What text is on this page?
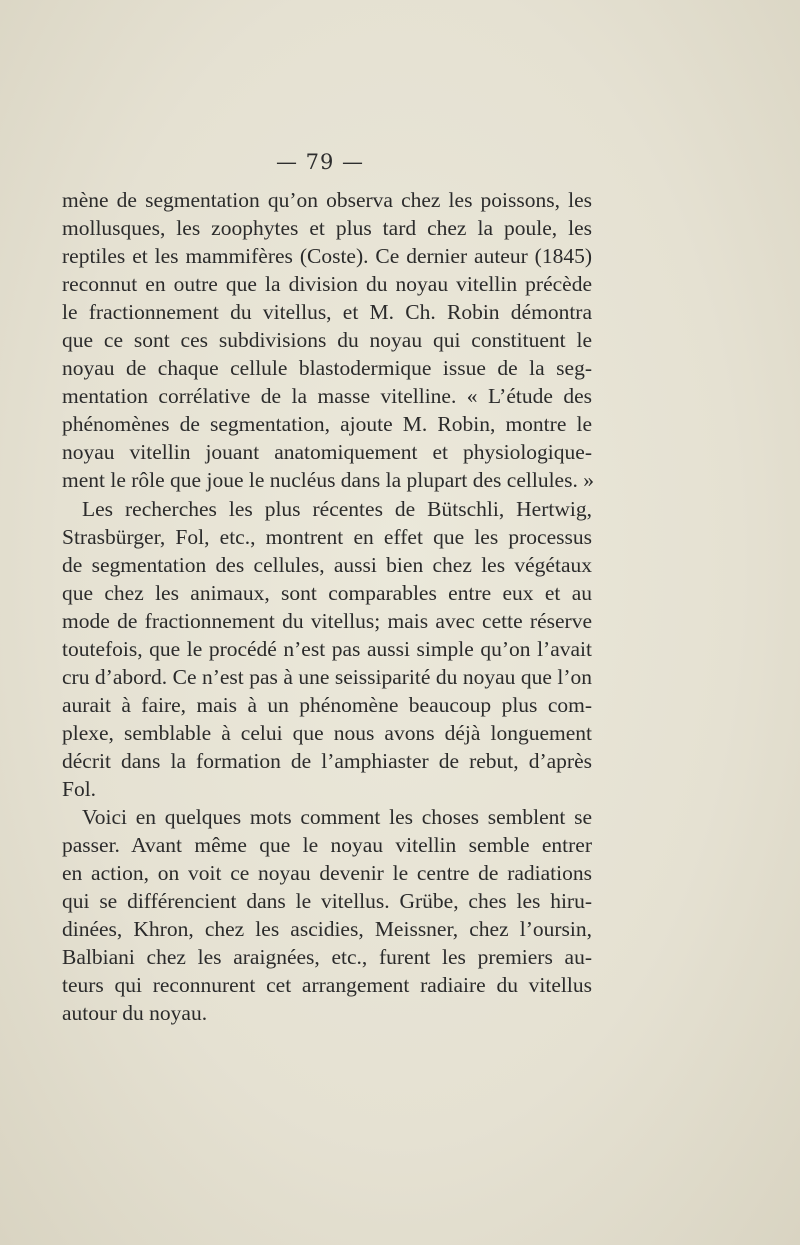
— 79 —

mène de segmentation qu’on observa chez les poissons, les
mollusques, les zoophytes et plus tard chez la poule, les
reptiles et les mammifères (Coste). Ce dernier auteur (1845)
reconnut en outre que la division du noyau vitellin précède
le fractionnement du vitellus, et M. Ch. Robin démontra
que ce sont ces subdivisions du noyau qui constituent le
noyau de chaque cellule blastodermique issue de la seg-
mentation corrélative de la masse vitelline. « L’étude des
phénomènes de segmentation, ajoute M. Robin, montre le
noyau vitellin jouant anatomiquement et physiologique-
ment le rôle que joue le nucléus dans la plupart des cellules. »

Les recherches les plus récentes de Bütschli, Hertwig,
Strasbürger, Fol, etc., montrent en effet que les processus
de segmentation des cellules, aussi bien chez les végétaux
que chez les animaux, sont comparables entre eux et au
mode de fractionnement du vitellus; mais avec cette réserve
toutefois, que le procédé n’est pas aussi simple qu’on l’avait
cru d’abord. Ce n’est pas à une seissiparité du noyau que l’on
aurait à faire, mais à un phénomène beaucoup plus com-
plexe, semblable à celui que nous avons déjà longuement
décrit dans la formation de l’amphiaster de rebut, d’après
Fol.

Voici en quelques mots comment les choses semblent se
passer. Avant même que le noyau vitellin semble entrer
en action, on voit ce noyau devenir le centre de radiations
qui se différencient dans le vitellus. Grübe, ches les hiru-
dinées, Khron, chez les ascidies, Meissner, chez l’oursin,
Balbiani chez les araignées, etc., furent les premiers au-
teurs qui reconnurent cet arrangement radiaire du vitellus
autour du noyau.
